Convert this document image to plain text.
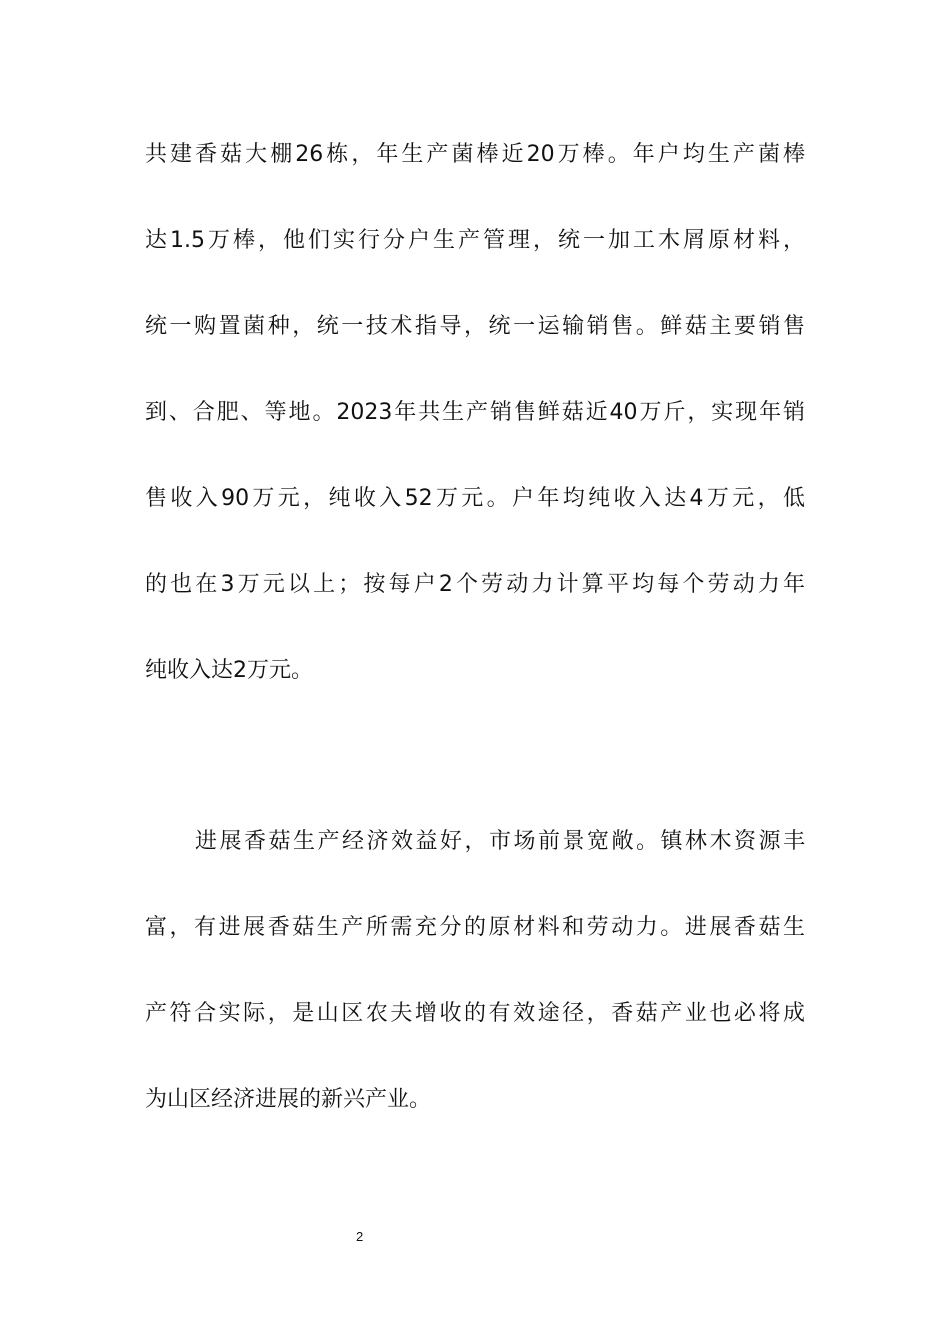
共建香菇大棚26栋，年生产菌棒近20万棒。年户均生产菌棒
达1.5万棒，他们实行分户生产管理，统一加工木屑原材料，
统一购置菌种，统一技术指导，统一运输销售。鲜菇主要销售
到、合肥、等地。2023年共生产销售鲜菇近40万斤，实现年销
售收入90万元，纯收入52万元。户年均纯收入达4万元，低
的也在3万元以上；按每户2个劳动力计算平均每个劳动力年
纯收入达2万元。
进展香菇生产经济效益好，市场前景宽敞。镇林木资源丰
富，有进展香菇生产所需充分的原材料和劳动力。进展香菇生
产符合实际，是山区农夫增收的有效途径，香菇产业也必将成
为山区经济进展的新兴产业。
2
